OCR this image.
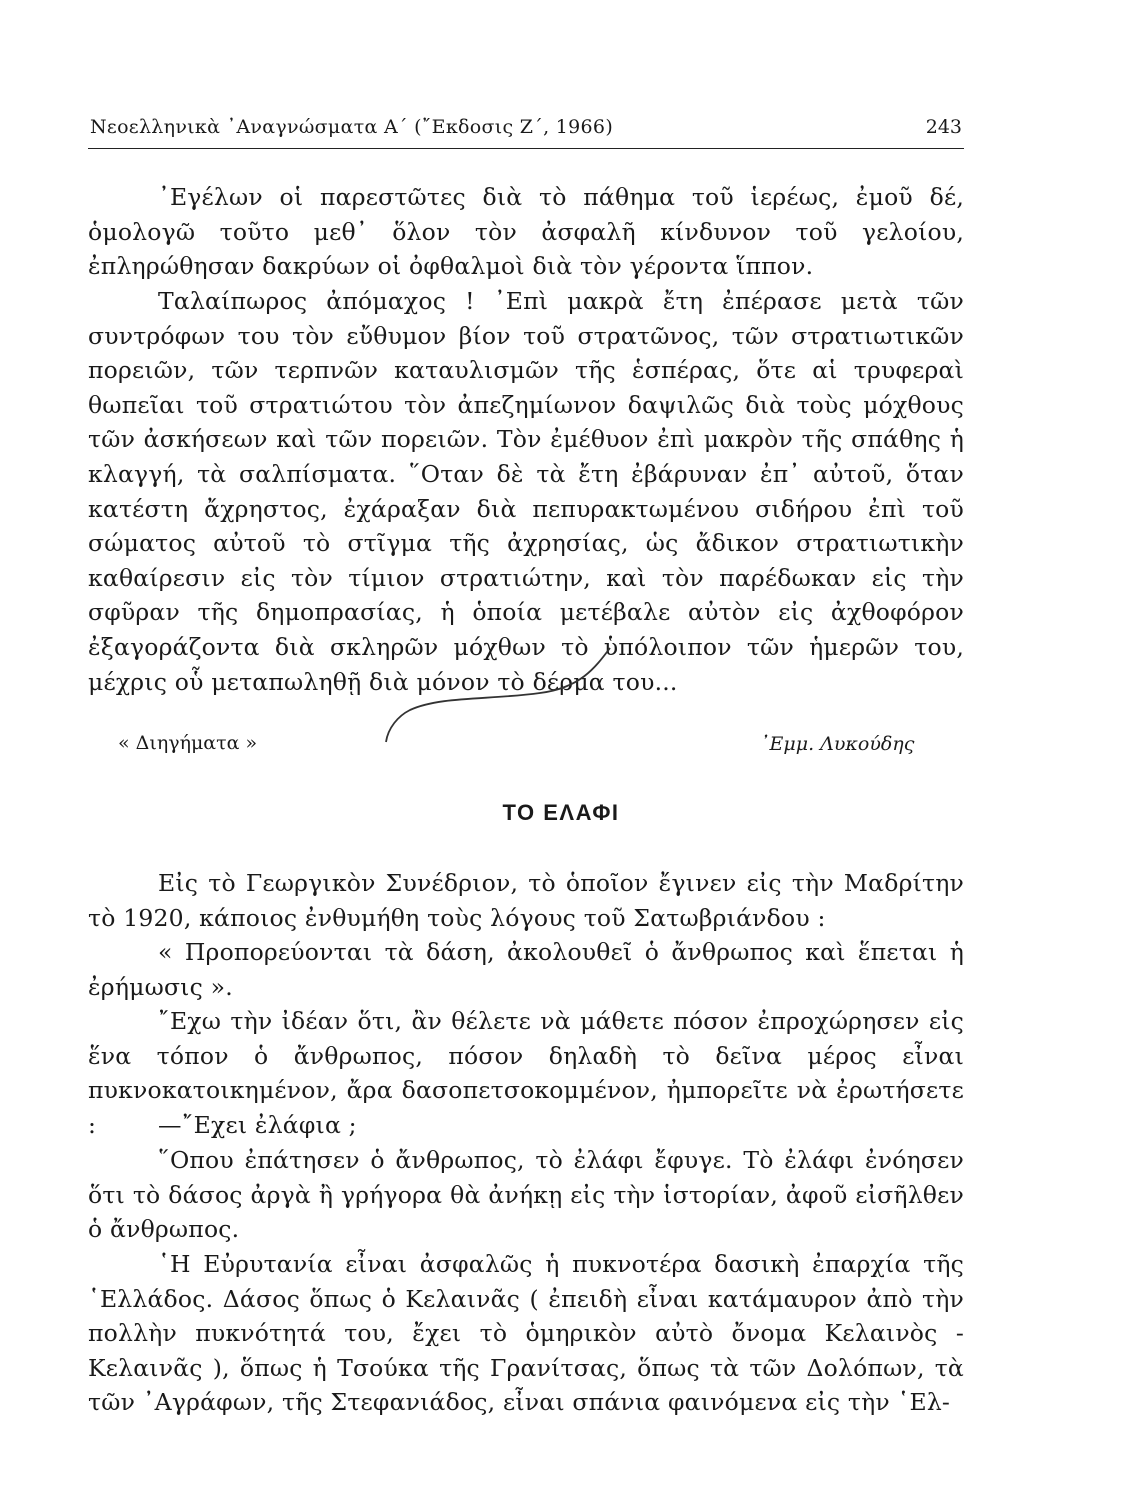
Νεοελληνικὰ ᾿Αναγνώσματα Α΄ (῎Εκδοσις Ζ΄, 1966)	243

᾿Εγέλων οἱ παρεστῶτες διὰ τὸ πάθημα τοῦ ἱερέως, ἐμοῦ δέ, ὁμολογῶ τοῦτο μεθ᾿ ὅλον τὸν ἀσφαλῆ κίνδυνον τοῦ γελοίου, ἐπληρώθησαν δακρύων οἱ ὀφθαλμοὶ διὰ τὸν γέροντα ἵππον.

Ταλαίπωρος ἀπόμαχος ! ᾿Επὶ μακρὰ ἔτη ἐπέρασε μετὰ τῶν συντρόφων του τὸν εὔθυμον βίον τοῦ στρατῶνος, τῶν στρατιωτικῶν πορειῶν, τῶν τερπνῶν καταυλισμῶν τῆς ἑσπέρας, ὅτε αἱ τρυφεραὶ θωπεῖαι τοῦ στρατιώτου τὸν ἀπεζημίωνον δαψιλῶς διὰ τοὺς μόχθους τῶν ἀσκήσεων καὶ τῶν πορειῶν. Τὸν ἐμέθυον ἐπὶ μακρὸν τῆς σπάθης ἡ κλαγγή, τὰ σαλπίσματα. ῞Οταν δὲ τὰ ἔτη ἐβάρυναν ἐπ᾿ αὐτοῦ, ὅταν κατέστη ἄχρηστος, ἐχάραξαν διὰ πεπυρακτωμένου σιδήρου ἐπὶ τοῦ σώματος αὐτοῦ τὸ στῖγμα τῆς ἀχρησίας, ὡς ἄδικον στρατιωτικὴν καθαίρεσιν εἰς τὸν τίμιον στρατιώτην, καὶ τὸν παρέδωκαν εἰς τὴν σφῦραν τῆς δημοπρασίας, ἡ ὁποία μετέβαλε αὐτὸν εἰς ἀχθοφόρον ἐξαγοράζοντα διὰ σκληρῶν μόχθων τὸ ὑπόλοιπον τῶν ἡμερῶν του, μέχρις οὗ μεταπωληθῇ διὰ μόνον τὸ δέρμα του...

« Διηγήματα »	᾿Εμμ. Λυκούδης
ΤΟ ΕΛΑΦΙ

Εἰς τὸ Γεωργικὸν Συνέδριον, τὸ ὁποῖον ἔγινεν εἰς τὴν Μαδρίτην τὸ 1920, κάποιος ἐνθυμήθη τοὺς λόγους τοῦ Σατωβριάνδου :

« Προπορεύονται τὰ δάση, ἀκολουθεῖ ὁ ἄνθρωπος καὶ ἕπεται ἡ ἐρήμωσις ».

῎Εχω τὴν ἰδέαν ὅτι, ἂν θέλετε νὰ μάθετε πόσον ἐπροχώρησεν εἰς ἕνα τόπον ὁ ἄνθρωπος, πόσον δηλαδὴ τὸ δεῖνα μέρος εἶναι πυκνοκατοικημένον, ἄρα δασοπετσοκομμένον, ἠμπορεῖτε νὰ ἐρωτήσετε :	—῎Εχει ἐλάφια ;

῞Οπου ἐπάτησεν ὁ ἄνθρωπος, τὸ ἐλάφι ἔφυγε. Τὸ ἐλάφι ἐνόησεν ὅτι τὸ δάσος ἀργὰ ἢ γρήγορα θὰ ἀνήκῃ εἰς τὴν ἱστορίαν, ἀφοῦ εἰσῆλθεν ὁ ἄνθρωπος.

῾Η Εὐρυτανία εἶναι ἀσφαλῶς ἡ πυκνοτέρα δασικὴ ἐπαρχία τῆς ῾Ελλάδος. Δάσος ὅπως ὁ Κελαινᾶς ( ἐπειδὴ εἶναι κατάμαυρον ἀπὸ τὴν πολλὴν πυκνότητά του, ἔχει τὸ ὁμηρικὸν αὐτὸ ὄνομα Κελαινὸς - Κελαινᾶς ), ὅπως ἡ Τσούκα τῆς Γρανίτσας, ὅπως τὰ τῶν Δολόπων, τὰ τῶν ᾿Αγράφων, τῆς Στεφανιάδος, εἶναι σπάνια φαινόμενα εἰς τὴν ῾Ελ-
